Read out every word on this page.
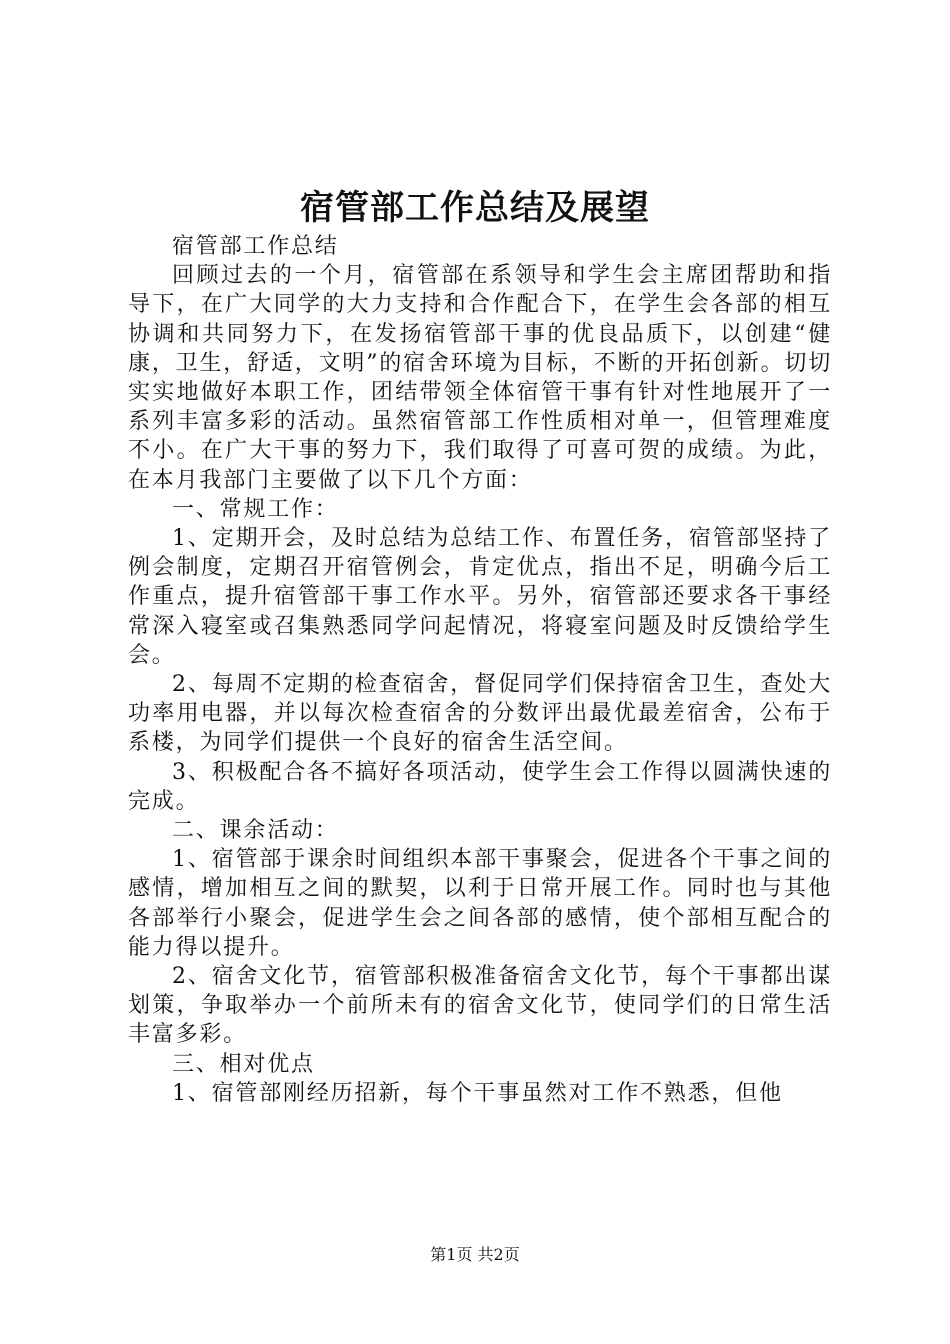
宿管部工作总结及展望

宿管部工作总结

回顾过去的一个月，宿管部在系领导和学生会主席团帮助和指导下，在广大同学的大力支持和合作配合下，在学生会各部的相互协调和共同努力下，在发扬宿管部干事的优良品质下，以创建“健康，卫生，舒适，文明”的宿舍环境为目标，不断的开拓创新。切切实实地做好本职工作，团结带领全体宿管干事有针对性地展开了一系列丰富多彩的活动。虽然宿管部工作性质相对单一，但管理难度不小。在广大干事的努力下，我们取得了可喜可贺的成绩。为此，在本月我部门主要做了以下几个方面：

一、常规工作：

1、定期开会，及时总结为总结工作、布置任务，宿管部坚持了例会制度，定期召开宿管例会，肯定优点，指出不足，明确今后工作重点，提升宿管部干事工作水平。另外，宿管部还要求各干事经常深入寝室或召集熟悉同学问起情况，将寝室问题及时反馈给学生会。

2、每周不定期的检查宿舍，督促同学们保持宿舍卫生，查处大功率用电器，并以每次检查宿舍的分数评出最优最差宿舍，公布于系楼，为同学们提供一个良好的宿舍生活空间。

3、积极配合各不搞好各项活动，使学生会工作得以圆满快速的完成。

二、课余活动：

1、宿管部于课余时间组织本部干事聚会，促进各个干事之间的感情，增加相互之间的默契，以利于日常开展工作。同时也与其他各部举行小聚会，促进学生会之间各部的感情，使个部相互配合的能力得以提升。

2、宿舍文化节，宿管部积极准备宿舍文化节，每个干事都出谋划策，争取举办一个前所未有的宿舍文化节，使同学们的日常生活丰富多彩。

三、相对优点

1、宿管部刚经历招新，每个干事虽然对工作不熟悉，但他

第1页 共2页
